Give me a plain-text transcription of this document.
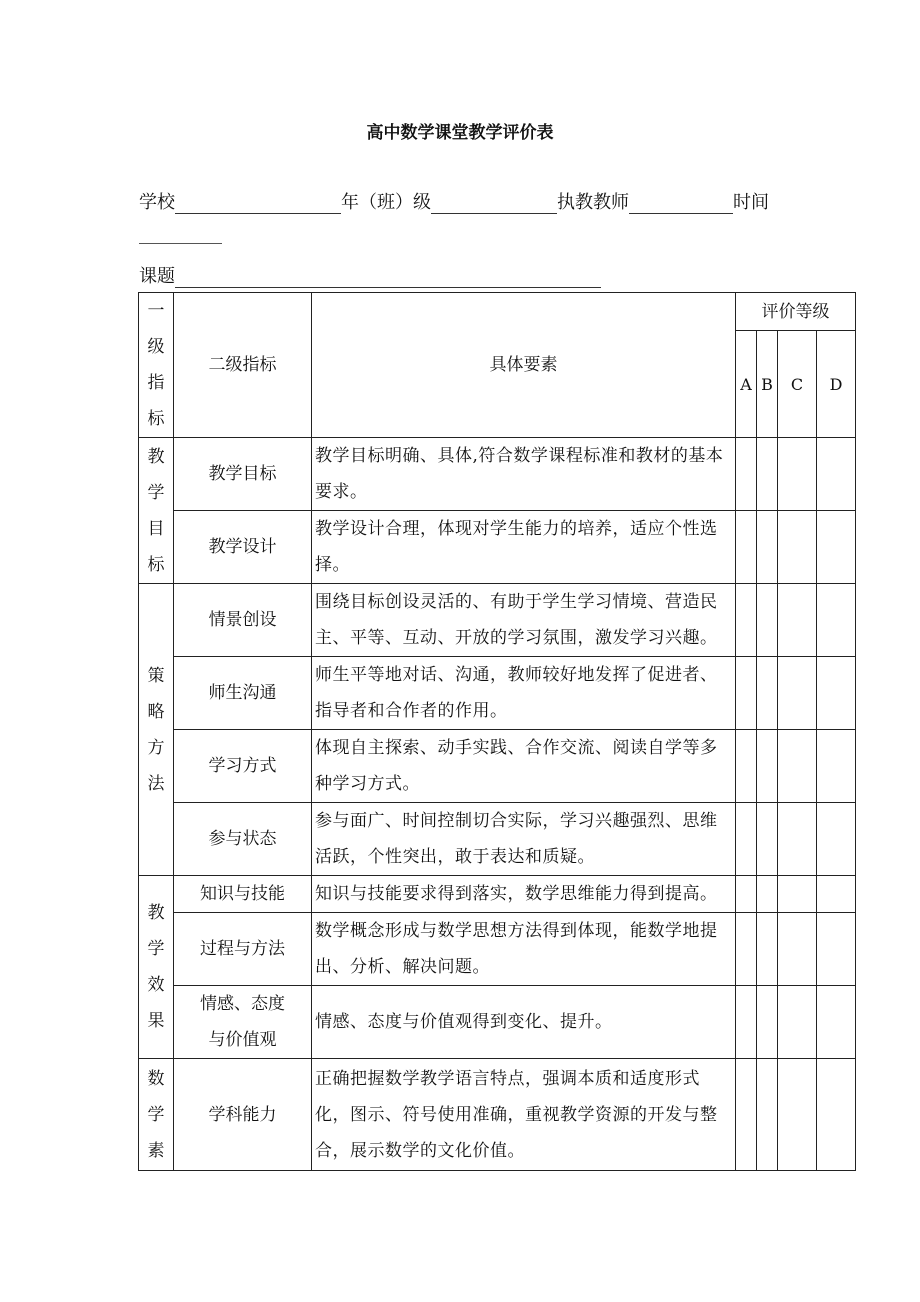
高中数学课堂教学评价表
学校	年（班）级	执教教师	时间
课题
一
级
指
标	二级指标	具体要素	评价等级			
			A	B	C	D

教
学
目
标	教学目标	教学目标明确、具体,符合数学课程标准和教材的基本要求。				
	教学设计	教学设计合理，体现对学生能力的培养，适应个性选择。				

策
略
方
法	情景创设	围绕目标创设灵活的、有助于学生学习情境、营造民主、平等、互动、开放的学习氛围，激发学习兴趣。				
	师生沟通	师生平等地对话、沟通，教师较好地发挥了促进者、指导者和合作者的作用。				
	学习方式	体现自主探索、动手实践、合作交流、阅读自学等多种学习方式。				
	参与状态	参与面广、时间控制切合实际，学习兴趣强烈、思维活跃，个性突出，敢于表达和质疑。				

教
学
效
果	知识与技能	知识与技能要求得到落实，数学思维能力得到提高。				
	过程与方法	数学概念形成与数学思想方法得到体现，能数学地提出、分析、解决问题。				
	情感、态度与价值观	情感、态度与价值观得到变化、提升。				

数
学
素	学科能力	正确把握数学教学语言特点，强调本质和适度形式化，图示、符号使用准确，重视教学资源的开发与整合，展示数学的文化价值。				
